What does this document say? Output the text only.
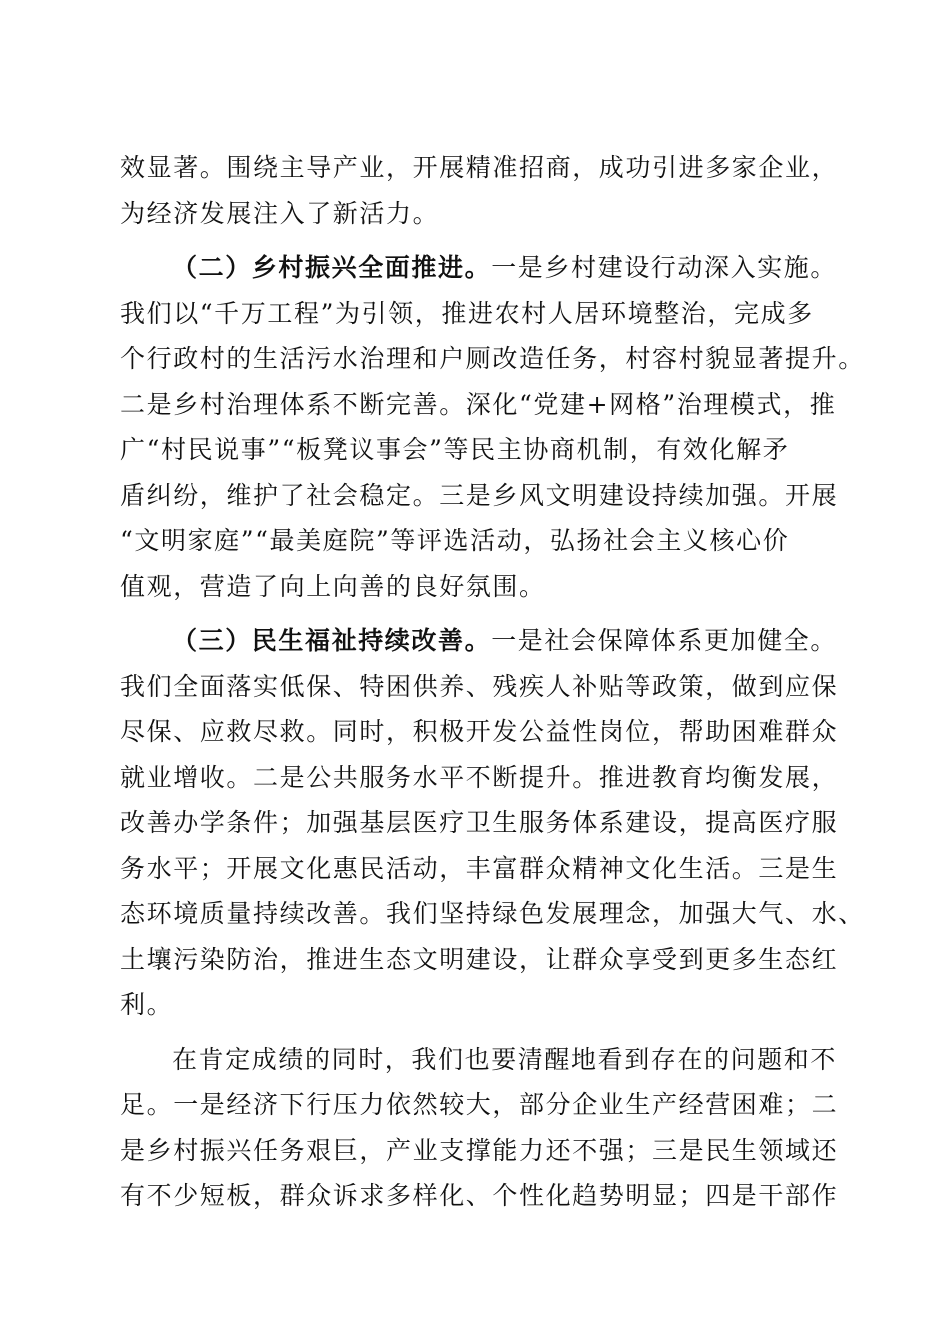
效显著。围绕主导产业，开展精准招商，成功引进多家企业，
为经济发展注入了新活力。
（二）乡村振兴全面推进。一是乡村建设行动深入实施。
我们以“千万工程”为引领，推进农村人居环境整治，完成多
个行政村的生活污水治理和户厕改造任务，村容村貌显著提升。
二是乡村治理体系不断完善。深化“党建+网格”治理模式，推
广“村民说事”“板凳议事会”等民主协商机制，有效化解矛
盾纠纷，维护了社会稳定。三是乡风文明建设持续加强。开展
“文明家庭”“最美庭院”等评选活动，弘扬社会主义核心价
值观，营造了向上向善的良好氛围。
（三）民生福祉持续改善。一是社会保障体系更加健全。
我们全面落实低保、特困供养、残疾人补贴等政策，做到应保
尽保、应救尽救。同时，积极开发公益性岗位，帮助困难群众
就业增收。二是公共服务水平不断提升。推进教育均衡发展，
改善办学条件；加强基层医疗卫生服务体系建设，提高医疗服
务水平；开展文化惠民活动，丰富群众精神文化生活。三是生
态环境质量持续改善。我们坚持绿色发展理念，加强大气、水、
土壤污染防治，推进生态文明建设，让群众享受到更多生态红
利。
在肯定成绩的同时，我们也要清醒地看到存在的问题和不
足。一是经济下行压力依然较大，部分企业生产经营困难；二
是乡村振兴任务艰巨，产业支撑能力还不强；三是民生领域还
有不少短板，群众诉求多样化、个性化趋势明显；四是干部作
